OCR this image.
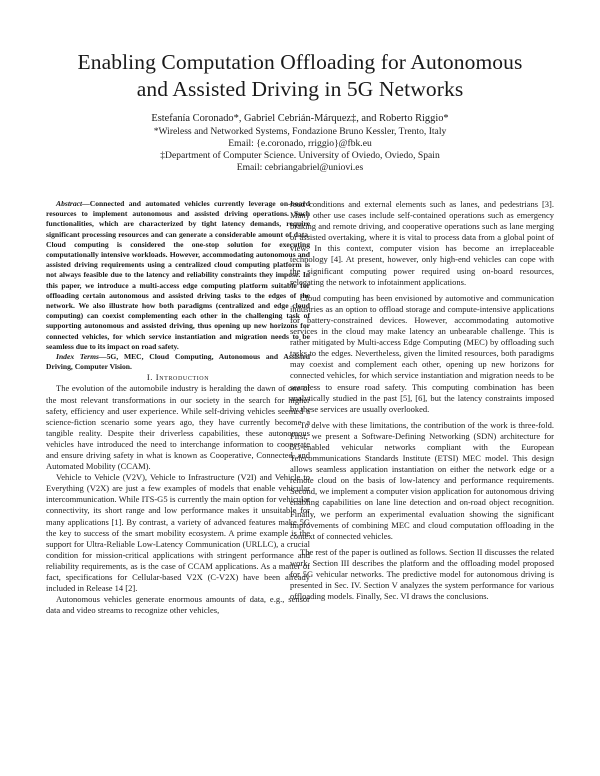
Enabling Computation Offloading for Autonomous
and Assisted Driving in 5G Networks
Estefanía Coronado*, Gabriel Cebrián-Márquez‡, and Roberto Riggio*
*Wireless and Networked Systems, Fondazione Bruno Kessler, Trento, Italy
Email: {e.coronado, rriggio}@fbk.eu
‡Department of Computer Science. University of Oviedo, Oviedo, Spain
Email: cebriangabriel@uniovi.es

Abstract—Connected and automated vehicles currently leverage on-board resources to implement autonomous and assisted driving operations. Such functionalities, which are characterized by tight latency demands, require significant processing resources and can generate a considerable amount of data. Cloud computing is considered the one-stop solution for executing computationally intensive workloads. However, accommodating autonomous and assisted driving requirements using a centralized cloud computing platform is not always feasible due to the latency and reliability constraints they impose. In this paper, we introduce a multi-access edge computing platform suitable for offloading certain autonomous and assisted driving tasks to the edges of the network. We also illustrate how both paradigms (centralized and edge cloud computing) can coexist complementing each other in the challenging task of supporting autonomous and assisted driving, thus opening up new horizons for connected vehicles, for which service instantiation and migration needs to be seamless due to its impact on road safety.

Index Terms—5G, MEC, Cloud Computing, Autonomous and Assisted Driving, Computer Vision.

I. Introduction

The evolution of the automobile industry is heralding the dawn of one of the most relevant transformations in our society in the search for higher safety, efficiency and user experience. While self-driving vehicles seemed a science-fiction scenario some years ago, they have currently become a tangible reality. Despite their driverless capabilities, these autonomous vehicles have introduced the need to interchange information to cooperate and ensure driving safety in what is known as Cooperative, Connected, and Automated Mobility (CCAM).

Vehicle to Vehicle (V2V), Vehicle to Infrastructure (V2I) and Vehicle to Everything (V2X) are just a few examples of models that enable vehicular intercommunication. While ITS-G5 is currently the main option for vehicular connectivity, its short range and low performance makes it unsuitable for many applications [1]. By contrast, a variety of advanced features make 5G the key to success of the smart mobility ecosystem. A prime example is the support for Ultra-Reliable Low-Latency Communication (URLLC), a crucial condition for mission-critical applications with stringent performance and reliability requirements, as is the case of CCAM applications. As a matter of fact, specifications for Cellular-based V2X (C-V2X) have been already included in Release 14 [2].

Autonomous vehicles generate enormous amounts of data, e.g., sensor data and video streams to recognize other vehicles,

road conditions and external elements such as lanes, and pedestrians [3]. Many other use cases include self-contained operations such as emergency braking and remote driving, and cooperative operations such as lane merging or assisted overtaking, where it is vital to process data from a global point of view. In this context, computer vision has become an irreplaceable technology [4]. At present, however, only high-end vehicles can cope with the significant computing power required using on-board resources, relegating the network to infotainment applications.

Cloud computing has been envisioned by automotive and communication industries as an option to offload storage and compute-intensive applications for battery-constrained devices. However, accommodating automotive services in the cloud may make latency an unbearable challenge. This is rather mitigated by Multi-access Edge Computing (MEC) by offloading such tasks to the edges. Nevertheless, given the limited resources, both paradigms may coexist and complement each other, opening up new horizons for connected vehicles, for which service instantiation and migration needs to be seamless to ensure road safety. This computing combination has been analytically studied in the past [5], [6], but the latency constraints imposed by these services are usually overlooked.

To delve with these limitations, the contribution of the work is three-fold. First, we present a Software-Defining Networking (SDN) architecture for 5G-enabled vehicular networks compliant with the European Telecommunications Standards Institute (ETSI) MEC model. This design allows seamless application instantiation on either the network edge or a remote cloud on the basis of low-latency and performance requirements. Second, we implement a computer vision application for autonomous driving enabling capabilities on lane line detection and on-road object recognition. Finally, we perform an experimental evaluation showing the significant improvements of combining MEC and cloud computation offloading in the context of connected vehicles.

The rest of the paper is outlined as follows. Section II discusses the related work. Section III describes the platform and the offloading model proposed for 5G vehicular networks. The predictive model for autonomous driving is presented in Sec. IV. Section V analyzes the system performance for various offloading models. Finally, Sec. VI draws the conclusions.
